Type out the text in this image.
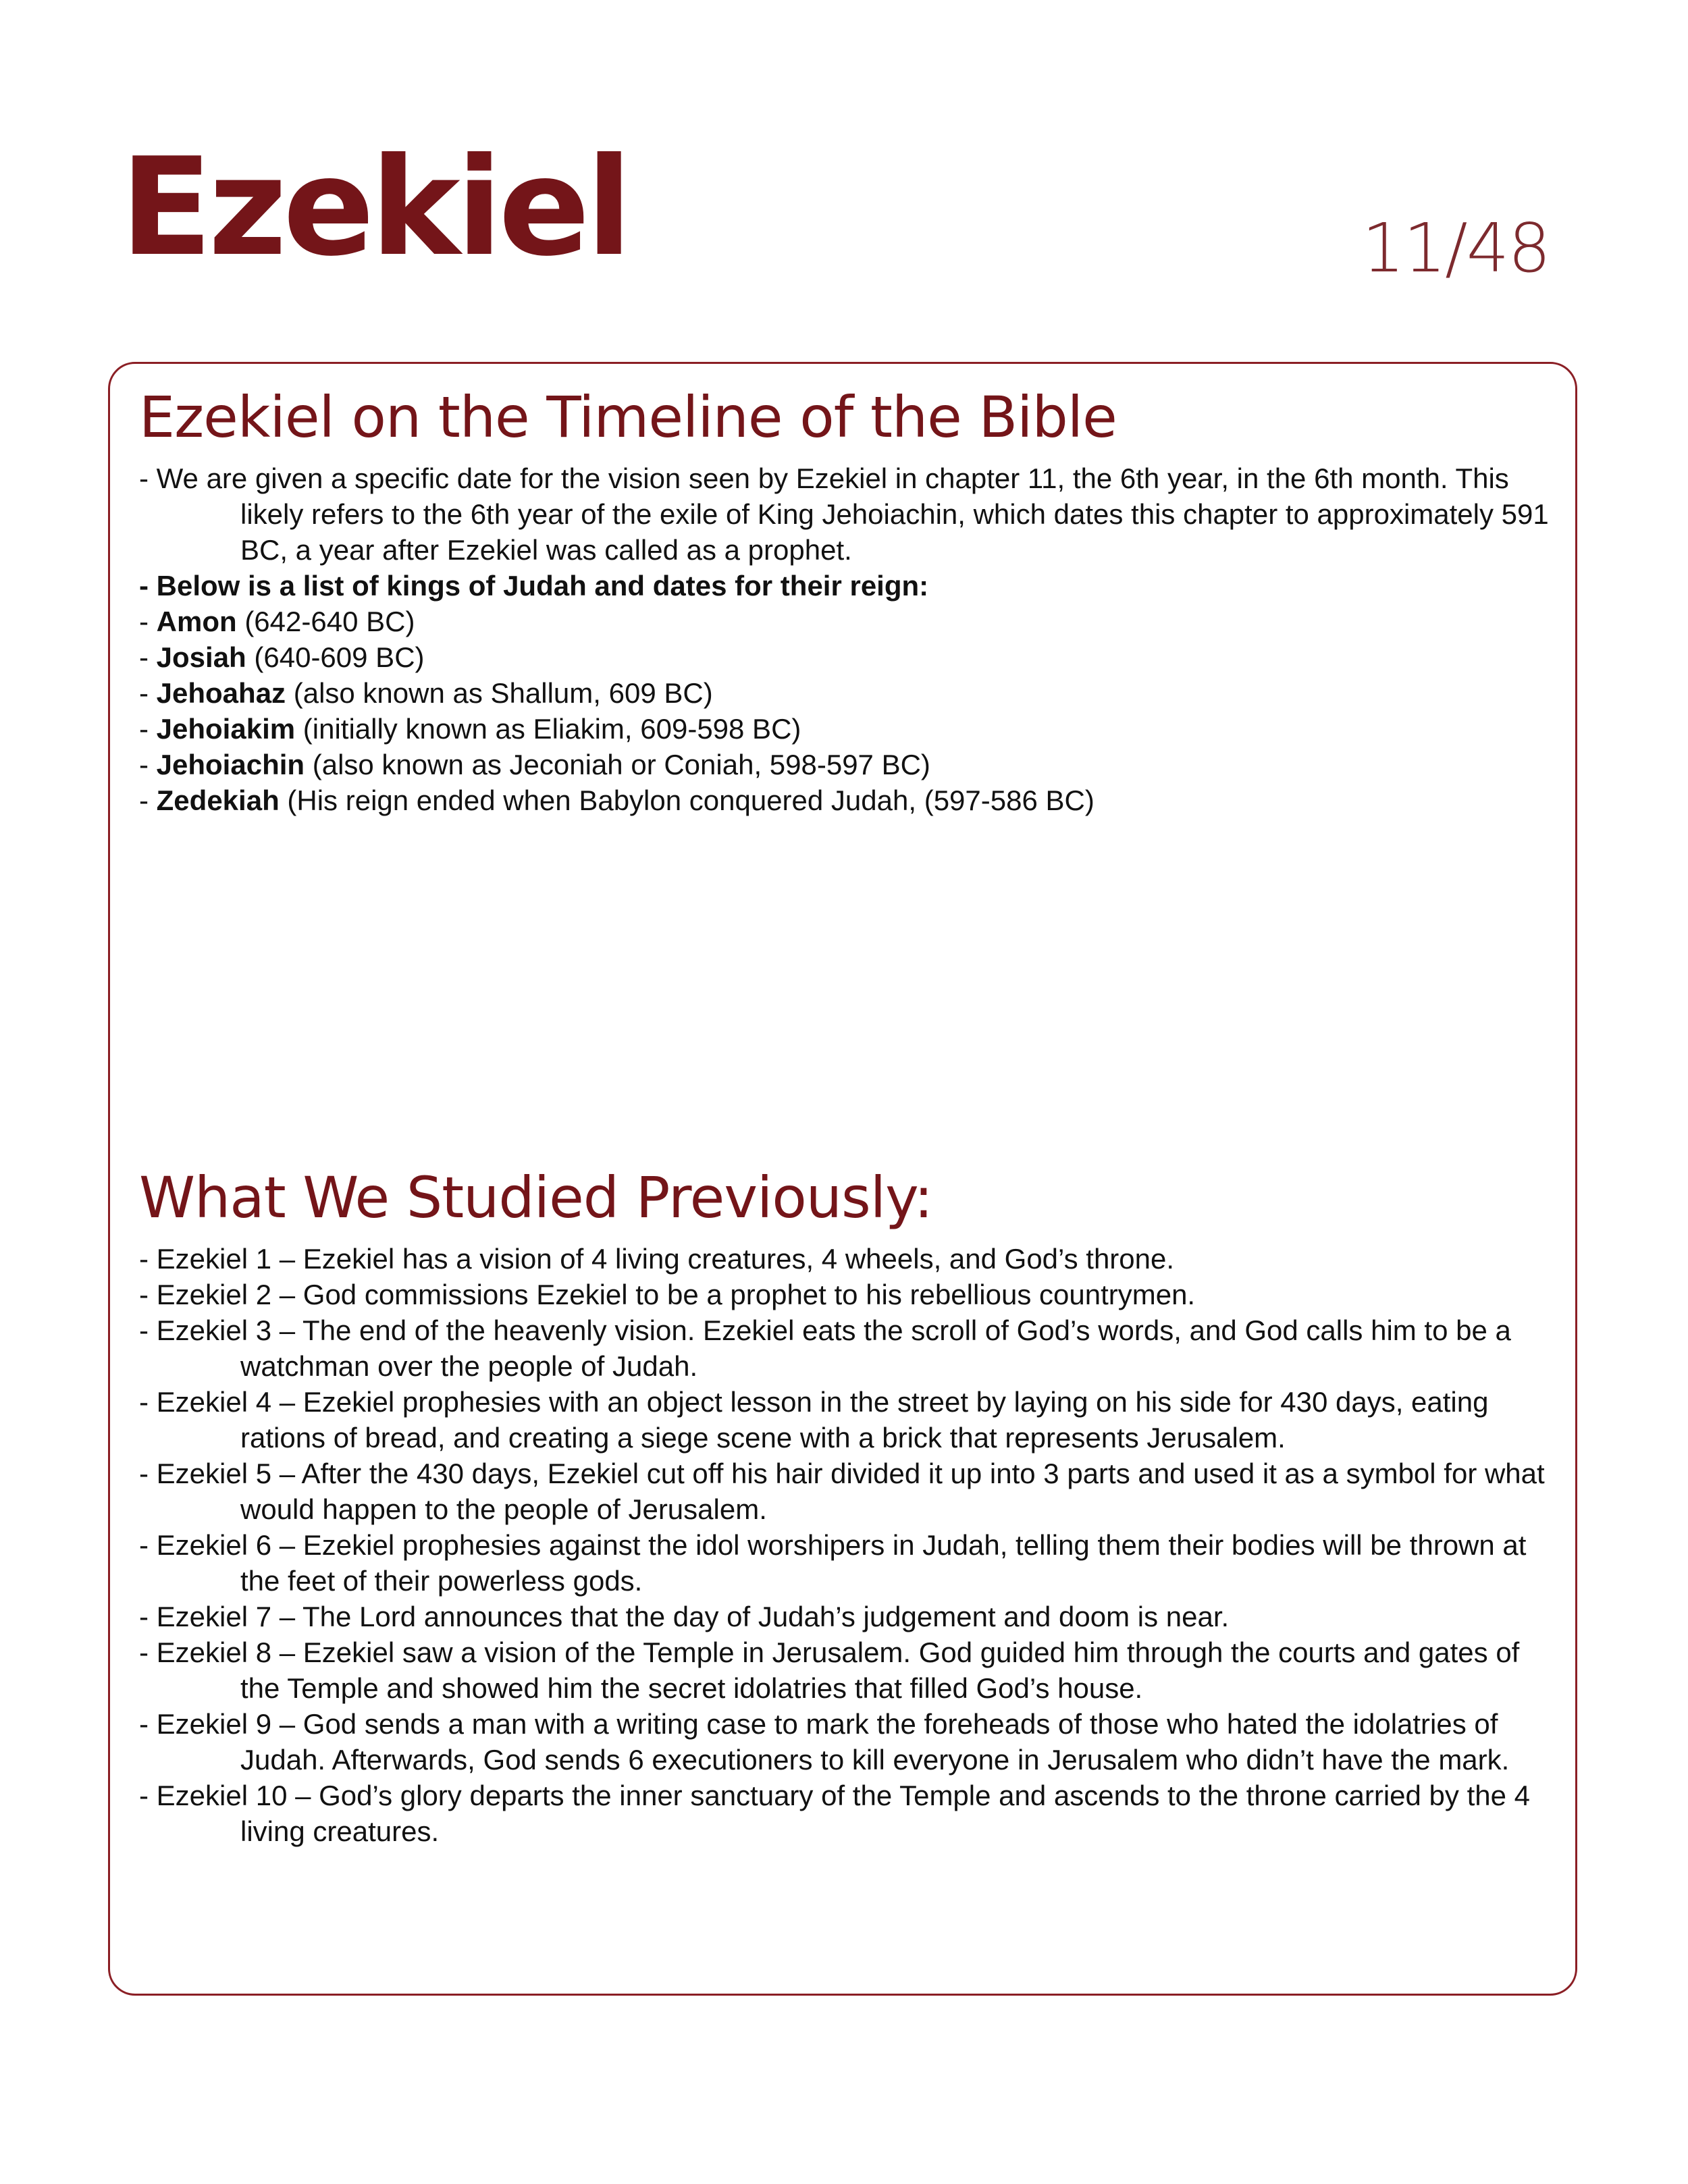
Ezekiel	11/48
Ezekiel on the Timeline of the Bible
- We are given a specific date for the vision seen by Ezekiel in chapter 11, the 6th year, in the 6th month. This likely refers to the 6th year of the exile of King Jehoiachin, which dates this chapter to approximately 591 BC, a year after Ezekiel was called as a prophet.
- Below is a list of kings of Judah and dates for their reign:
- Amon (642-640 BC)
- Josiah (640-609 BC)
- Jehoahaz (also known as Shallum, 609 BC)
- Jehoiakim (initially known as Eliakim, 609-598 BC)
- Jehoiachin (also known as Jeconiah or Coniah, 598-597 BC)
- Zedekiah (His reign ended when Babylon conquered Judah, (597-586 BC)
What We Studied Previously:
- Ezekiel 1 – Ezekiel has a vision of 4 living creatures, 4 wheels, and God’s throne.
- Ezekiel 2 – God commissions Ezekiel to be a prophet to his rebellious countrymen.
- Ezekiel 3 – The end of the heavenly vision. Ezekiel eats the scroll of God’s words, and God calls him to be a watchman over the people of Judah.
- Ezekiel 4 – Ezekiel prophesies with an object lesson in the street by laying on his side for 430 days, eating rations of bread, and creating a siege scene with a brick that represents Jerusalem.
- Ezekiel 5 – After the 430 days, Ezekiel cut off his hair divided it up into 3 parts and used it as a symbol for what would happen to the people of Jerusalem.
- Ezekiel 6 – Ezekiel prophesies against the idol worshipers in Judah, telling them their bodies will be thrown at the feet of their powerless gods.
- Ezekiel 7 – The Lord announces that the day of Judah’s judgement and doom is near.
- Ezekiel 8 – Ezekiel saw a vision of the Temple in Jerusalem. God guided him through the courts and gates of the Temple and showed him the secret idolatries that filled God’s house.
- Ezekiel 9 – God sends a man with a writing case to mark the foreheads of those who hated the idolatries of Judah. Afterwards, God sends 6 executioners to kill everyone in Jerusalem who didn’t have the mark.
- Ezekiel 10 – God’s glory departs the inner sanctuary of the Temple and ascends to the throne carried by the 4 living creatures.
